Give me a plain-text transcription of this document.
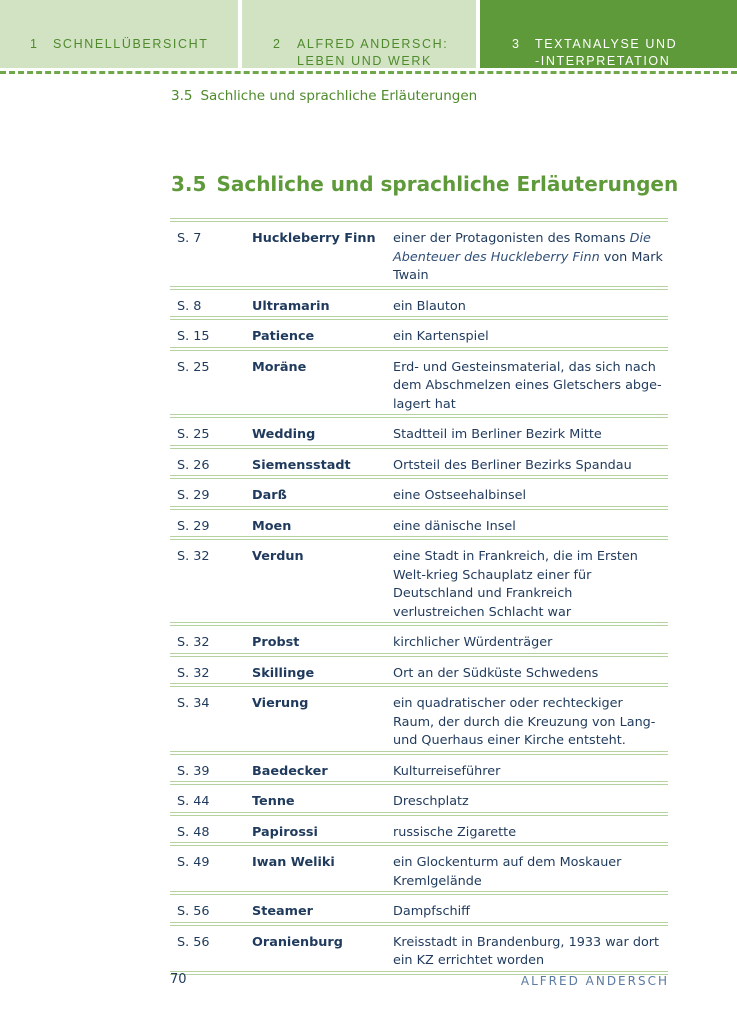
1 SCHNELLÜBERSICHT	2 ALFRED ANDERSCH:
LEBEN UND WERK
3 TEXTANALYSE UND
-INTERPRETATION
3.5 Sachliche und sprachliche Erläuterungen
3.5 Sachliche und sprachliche Erläuterungen
S. 7	Huckleberry Finn	einer der Protagonisten des Romans Die Abenteuer des Huckleberry Finn von Mark Twain
S. 8	Ultramarin	ein Blauton
S. 15	Patience	ein Kartenspiel
S. 25	Moräne	Erd- und Gesteinsmaterial, das sich nach dem Abschmelzen eines Gletschers abge-lagert hat
S. 25	Wedding	Stadtteil im Berliner Bezirk Mitte
S. 26	Siemensstadt	Ortsteil des Berliner Bezirks Spandau
S. 29	Darß	eine Ostseehalbinsel
S. 29	Moen	eine dänische Insel
S. 32	Verdun	eine Stadt in Frankreich, die im Ersten Welt-krieg Schauplatz einer für Deutschland und Frankreich verlustreichen Schlacht war
S. 32	Probst	kirchlicher Würdenträger
S. 32	Skillinge	Ort an der Südküste Schwedens
S. 34	Vierung	ein quadratischer oder rechteckiger Raum, der durch die Kreuzung von Lang- und Querhaus einer Kirche entsteht.
S. 39	Baedecker	Kulturreiseführer
S. 44	Tenne	Dreschplatz
S. 48	Papirossi	russische Zigarette
S. 49	Iwan Weliki	ein Glockenturm auf dem Moskauer Kremlgelände
S. 56	Steamer	Dampfschiff
S. 56	Oranienburg	Kreisstadt in Brandenburg, 1933 war dort ein KZ errichtet worden
70	ALFRED ANDERSCH
